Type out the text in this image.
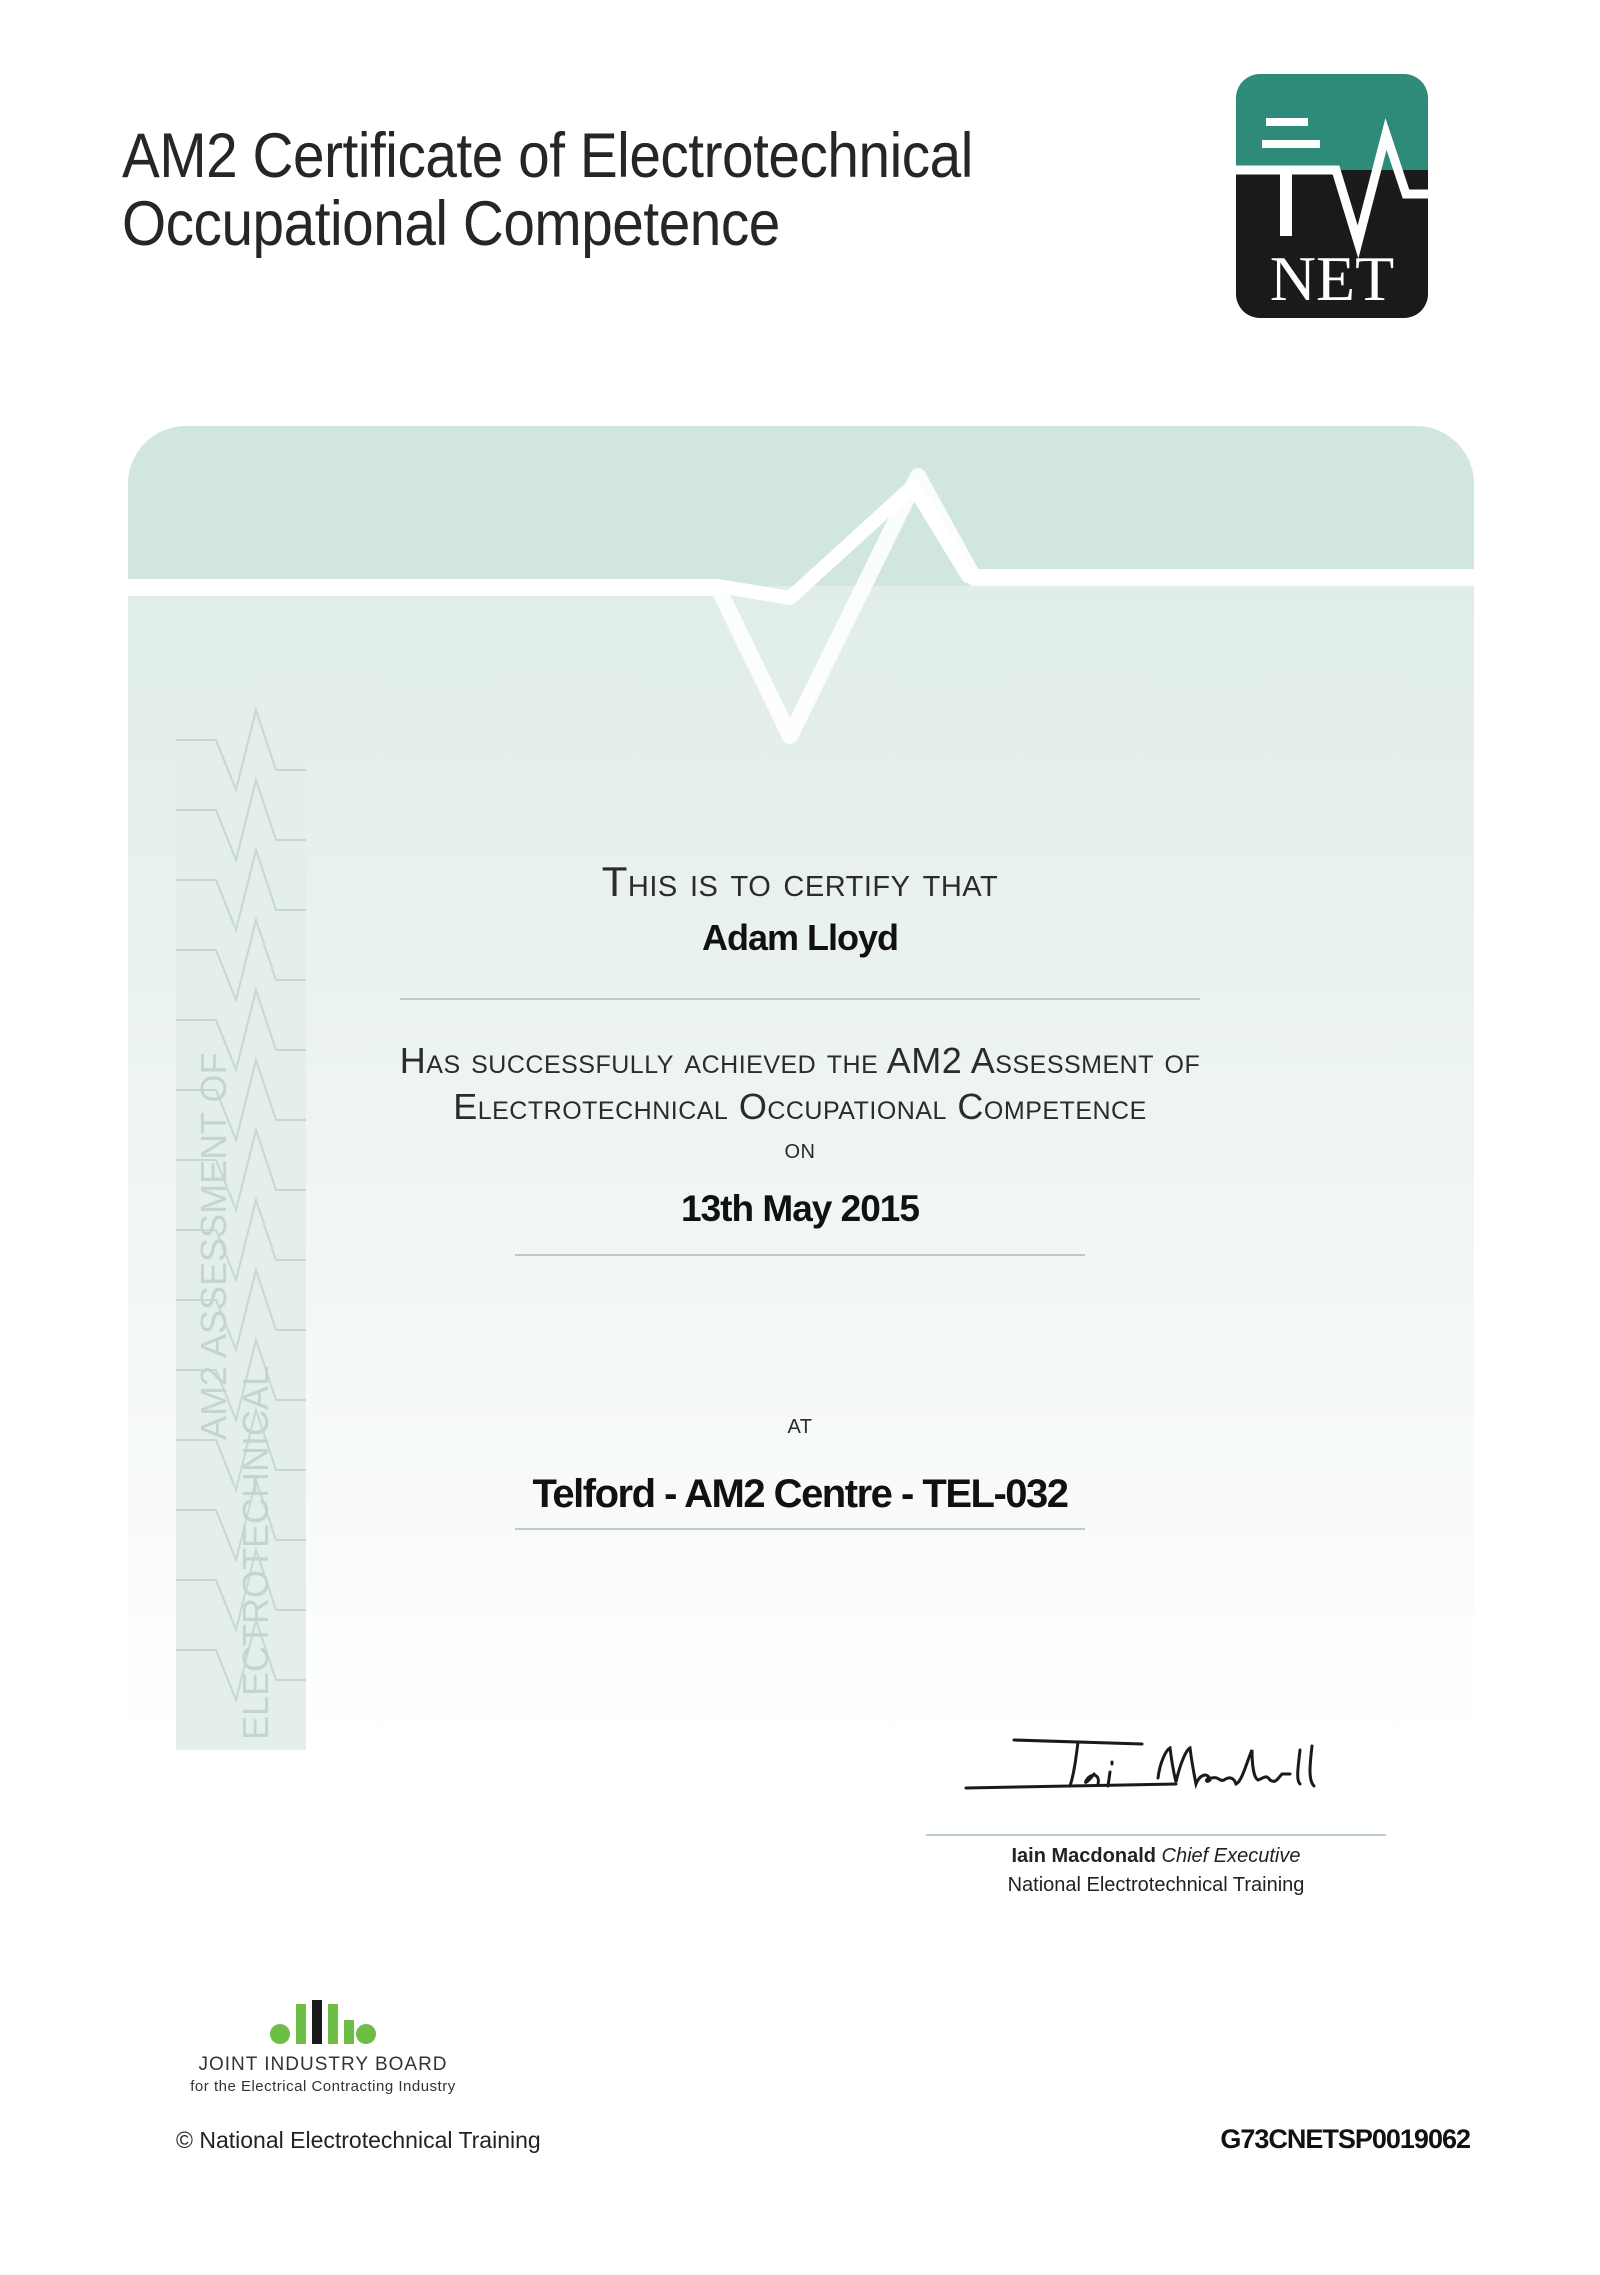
AM2 Certificate of Electrotechnical
Occupational Competence
NET
AM2 ASSESSMENT OF
ELECTROTECHNICAL
This is to certify that
Adam Lloyd
Has successfully achieved the AM2 Assessment of
Electrotechnical Occupational Competence
on
13th May 2015
at
Telford - AM2 Centre - TEL-032
Iain Macdonald Chief Executive
National Electrotechnical Training
JOINT INDUSTRY BOARD
for the Electrical Contracting Industry
© National Electrotechnical Training	G73CNETSP0019062
